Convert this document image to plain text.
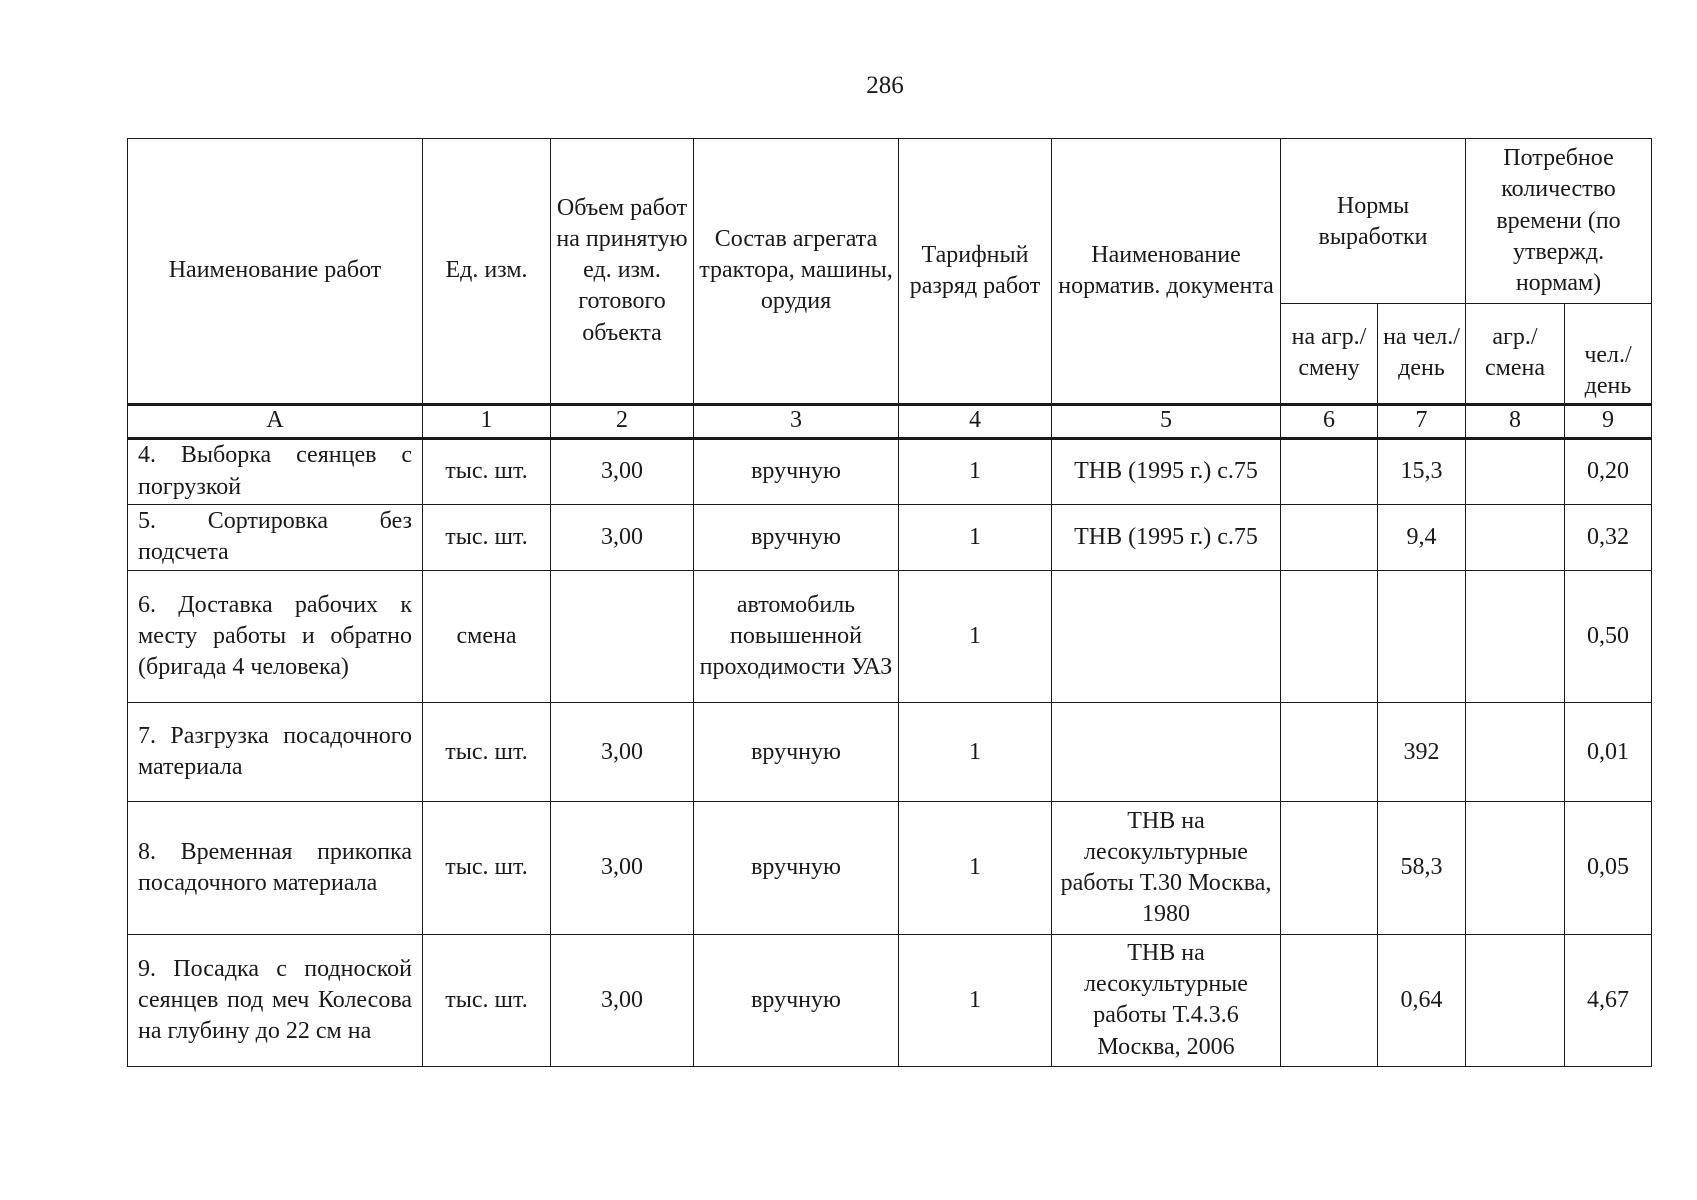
286
Наименование работ	Ед. изм.	Объем работ на принятую ед. изм. готового объекта	Состав агрегата трактора, машины, орудия	Тарифный разряд работ	Наименование норматив. документа	Нормы выработки		Потребное количество времени (по утвержд. нормам)	
						на агр./ смену	на чел./ день	агр./ смена	чел./ день
А	1	2	3	4	5	6	7	8	9
4. Выборка сеянцев с погрузкой	тыс. шт.	3,00	вручную	1	ТНВ (1995 г.) с.75		15,3		0,20
5. Сортировка без подсчета	тыс. шт.	3,00	вручную	1	ТНВ (1995 г.) с.75		9,4		0,32
6. Доставка рабочих к месту работы и обратно (бригада 4 человека)	смена		автомобиль повышенной проходимости УАЗ	1					0,50
7. Разгрузка посадочного материала	тыс. шт.	3,00	вручную	1			392		0,01
8. Временная прикопка посадочного материала	тыс. шт.	3,00	вручную	1	ТНВ на лесокультурные работы Т.30 Москва, 1980		58,3		0,05
9. Посадка с подноской сеянцев под меч Колесова на глубину до 22 см на	тыс. шт.	3,00	вручную	1	ТНВ на лесокультурные работы Т.4.3.6 Москва, 2006		0,64		4,67
